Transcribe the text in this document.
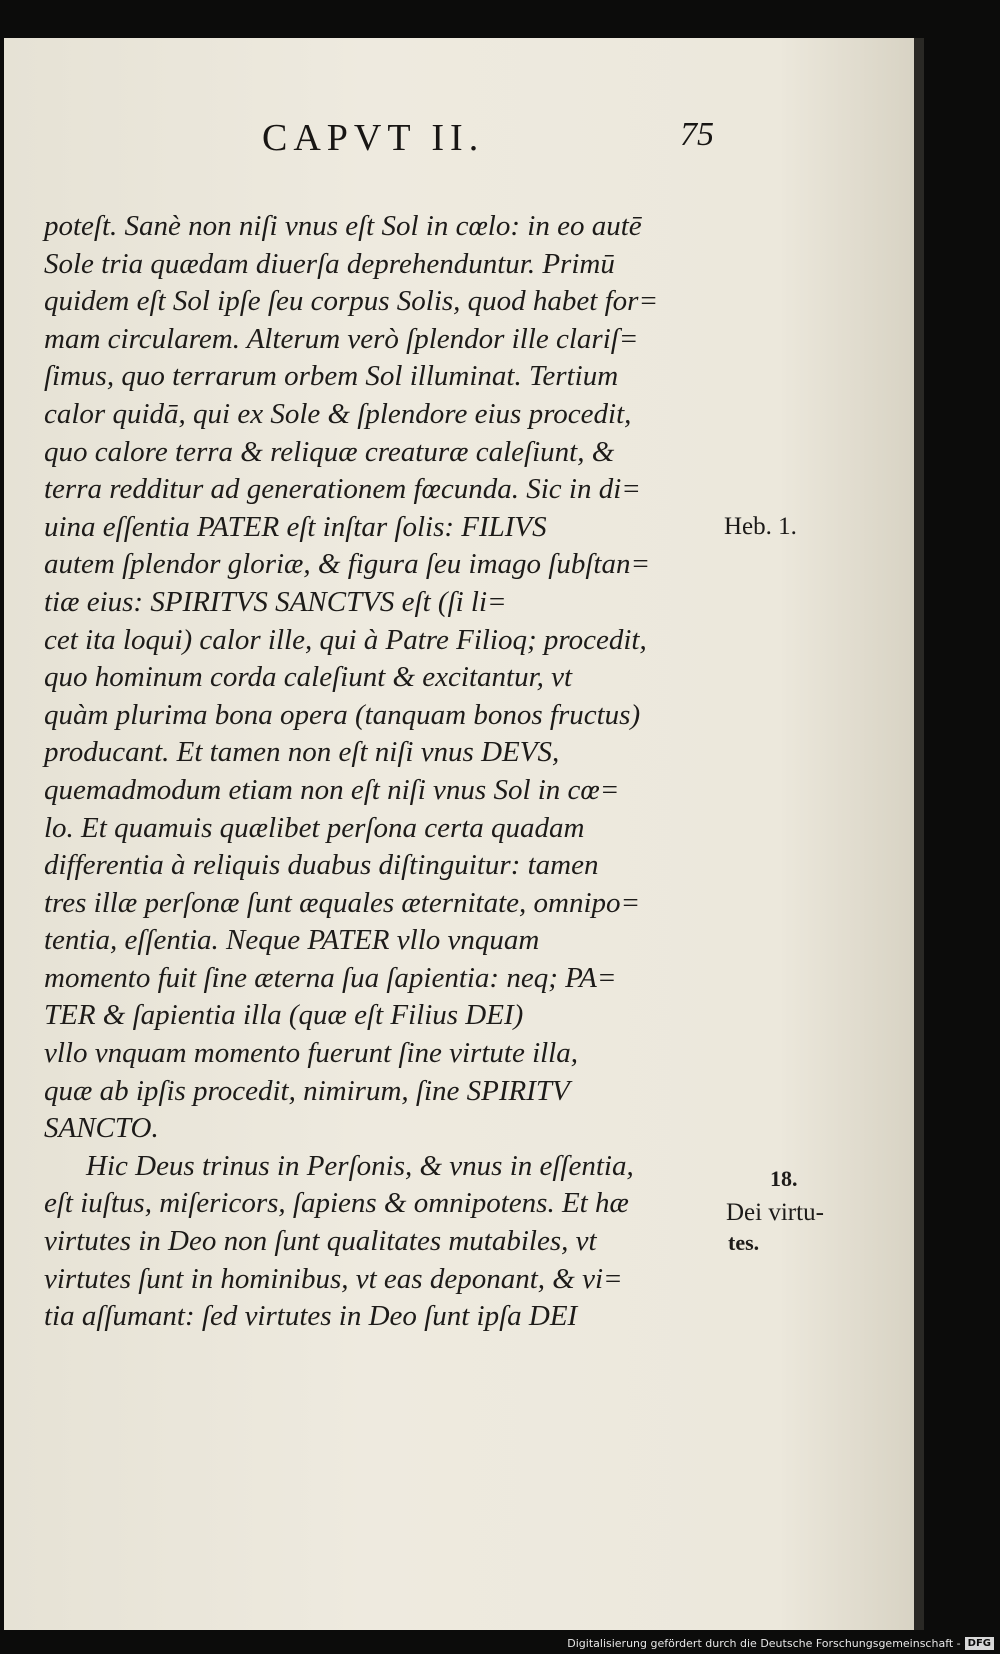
CAPVT II.	75
poteſt. Sanè non niſi vnus eſt Sol in cœlo: in eo autē
Sole tria quædam diuerſa deprehenduntur. Primū
quidem eſt Sol ipſe ſeu corpus Solis, quod habet for=
mam circularem. Alterum verò ſplendor ille clariſ=
ſimus, quo terrarum orbem Sol illuminat. Tertium
calor quidā, qui ex Sole & ſplendore eius procedit,
quo calore terra & reliquæ creaturæ caleſiunt, &
terra redditur ad generationem fœcunda. Sic in di=
uina eſſentia PATER eſt inſtar ſolis: FILIVS
autem ſplendor gloriæ, & figura ſeu imago ſubſtan=
tiæ eius: SPIRITVS SANCTVS eſt (ſi li=
cet ita loqui) calor ille, qui à Patre Filioq; procedit,
quo hominum corda caleſiunt & excitantur, vt
quàm plurima bona opera (tanquam bonos fructus)
producant. Et tamen non eſt niſi vnus DEVS,
quemadmodum etiam non eſt niſi vnus Sol in cœ=
lo. Et quamuis quælibet perſona certa quadam
differentia à reliquis duabus diſtinguitur: tamen
tres illæ perſonæ ſunt æquales æternitate, omnipo=
tentia, eſſentia. Neque PATER vllo vnquam
momento fuit ſine æterna ſua ſapientia: neq; PA=
TER & ſapientia illa (quæ eſt Filius DEI)
vllo vnquam momento fuerunt ſine virtute illa,
quæ ab ipſis procedit, nimirum, ſine SPIRITV
SANCTO.
Hic Deus trinus in Perſonis, & vnus in eſſentia,
eſt iuſtus, miſericors, ſapiens & omnipotens. Et hæ
virtutes in Deo non ſunt qualitates mutabiles, vt
virtutes ſunt in hominibus, vt eas deponant, & vi=
tia aſſumant: ſed virtutes in Deo ſunt ipſa DEI
Heb. 1.
18.
Dei virtu-
tes.
Digitalisierung gefördert durch die Deutsche Forschungsgemeinschaft - DFG
